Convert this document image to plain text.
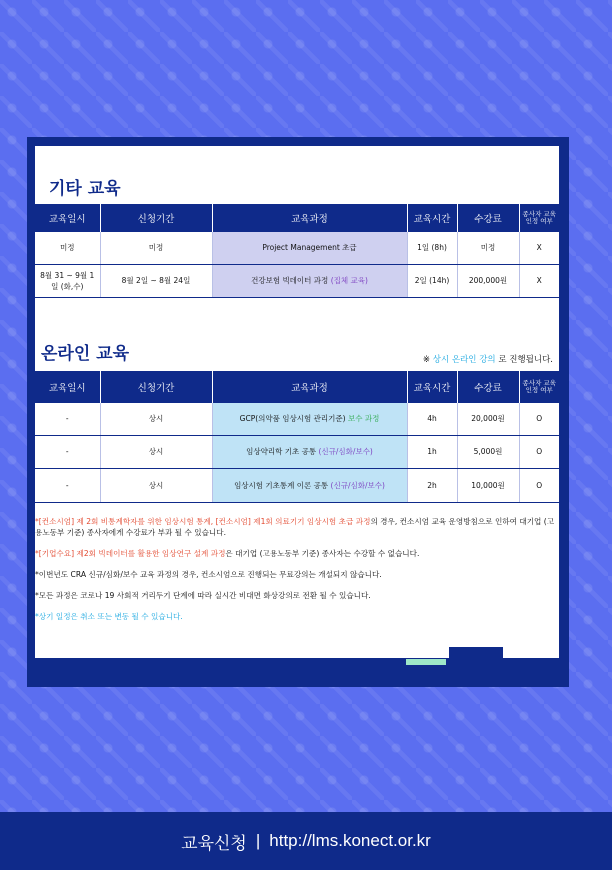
기타 교육
교육일시	신청기간	교육과정	교육시간	수강료	종사자 교육 인정 여부
미정	미정	Project Management 초급	1일 (8h)	미정	X
8월 31 ~ 9월 1일 (화,수)	8월 2일 ~ 8월 24일	건강보험 빅데이터 과정 (집체 교육)	2일 (14h)	200,000원	X
온라인 교육	※ 상시 온라인 강의 로 진행됩니다.
교육일시	신청기간	교육과정	교육시간	수강료	종사자 교육 인정 여부
-	상시	GCP(의약품 임상시험 관리기준) 보수 과정	4h	20,000원	O
-	상시	임상약리학 기초 공통 (신규/심화/보수)	1h	5,000원	O
-	상시	임상시험 기초통계 이론 공통 (신규/심화/보수)	2h	10,000원	O

*[컨소시엄] 제 2회 비통계학자를 위한 임상시험 통계, [컨소시엄] 제1회 의료기기 임상시험 초급 과정의 경우, 컨소시엄 교육 운영방침으로 인하여 대기업 (고용노동부 기준) 종사자에게 수강료가 부과 될 수 있습니다.

*[기업수요] 제2회 빅데이터를 활용한 임상연구 설계 과정은 대기업 (고용노동부 기준) 종사자는 수강할 수 없습니다.

*이번년도 CRA 신규/심화/보수 교육 과정의 경우, 컨소시엄으로 진행되는 무료강의는 개설되지 않습니다.

*모든 과정은 코로나 19 사회적 거리두기 단계에 따라 실시간 비대면 화상강의로 전환 될 수 있습니다.

*상기 일정은 취소 또는 변동 될 수 있습니다.

교육신청 | http://lms.konect.or.kr
